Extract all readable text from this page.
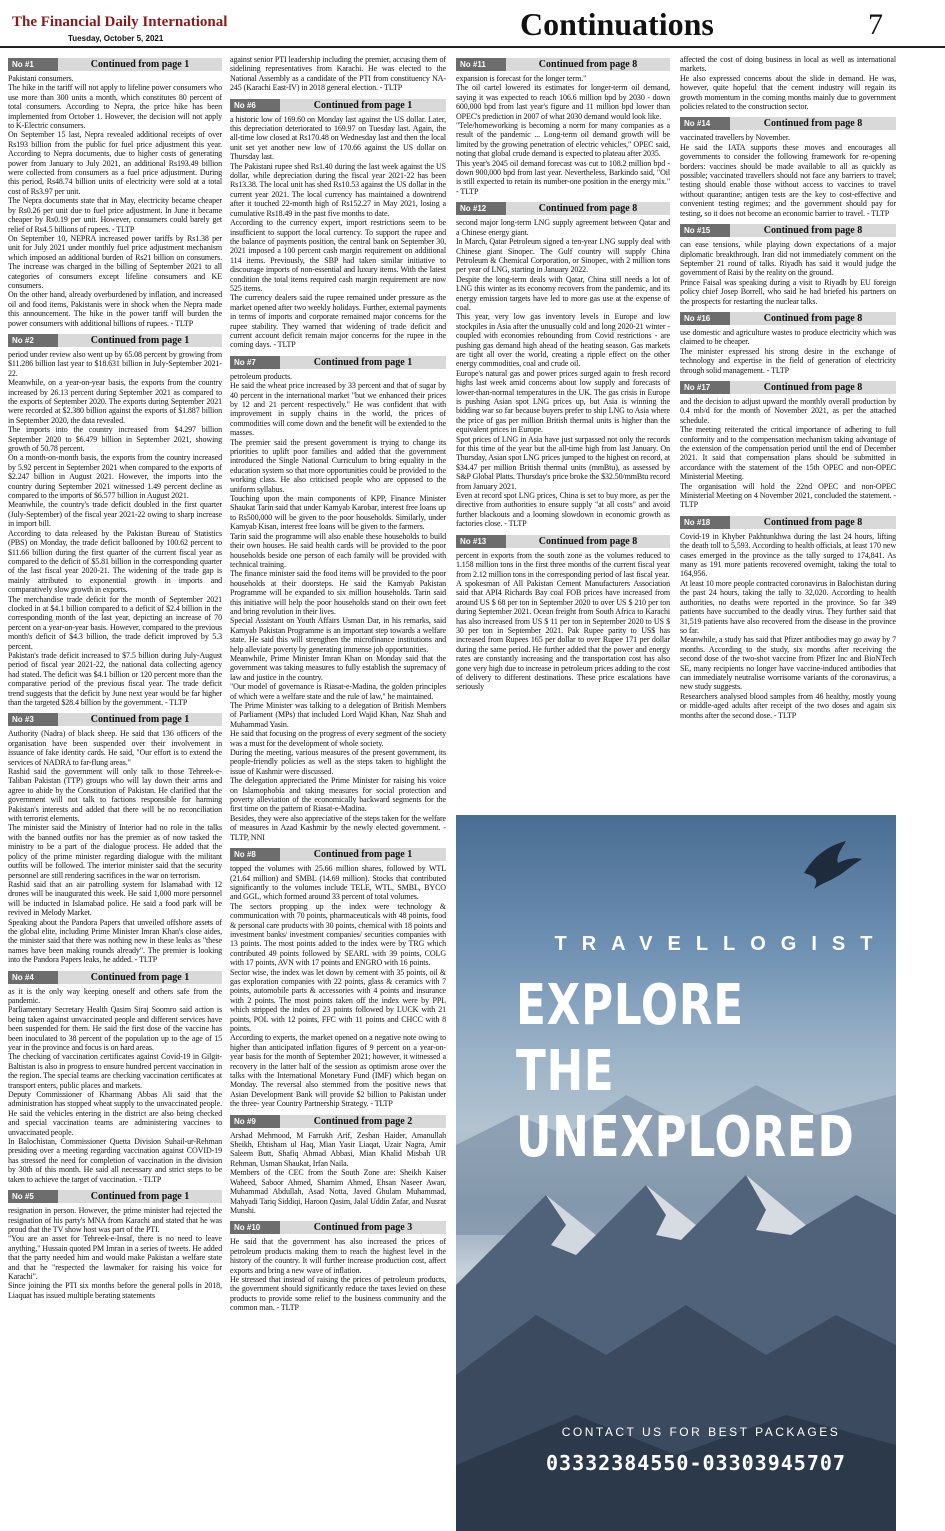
The Financial Daily International
Tuesday, October 5, 2021	Continuations	7
No #1	Continued from page 1
Pakistani consumers.
The hike in the tariff will not apply to lifeline power consumers who use more than 300 units a month, which constitutes 80 percent of total consumers. According to Nepra, the price hike has been implemented from October 1. However, the decision will not apply to K-Electric consumers.
On September 15 last, Nepra revealed additional receipts of over Rs193 billion from the public for fuel price adjustment this year. According to Nepra documents, due to higher costs of generating power from January to July 2021, an additional Rs193.49 billion were collected from consumers as a fuel price adjustment. During this period, Rs48.74 billion units of electricity were sold at a total cost of Rs3.97 per unit.
The Nepra documents state that in May, electricity became cheaper by Rs0.26 per unit due to fuel price adjustment. In June it became cheaper by Rs0.19 per unit. However, consumers could barely get relief of Rs4.5 billions of rupees. - TLTP
On September 10, NEPRA increased power tariffs by Rs1.38 per unit for July 2021 under monthly fuel price adjustment mechanism which imposed an additional burden of Rs21 billion on consumers. The increase was charged in the billing of September 2021 to all categories of consumers except lifeline consumers and KE consumers.
On the other hand, already overburdened by inflation, and increased oil and food items, Pakistanis were in shock when the Nepra made this announcement. The hike in the power tariff will burden the power consumers with additional billions of rupees. - TLTP
No #2	Continued from page 1
period under review also went up by 65.08 percent by growing from $11.286 billion last year to $18.631 billion in July-September 2021-22.
Meanwhile, on a year-on-year basis, the exports from the country increased by 26.13 percent during September 2021 as compared to the exports of September 2020. The exports during September 2021 were recorded at $2.380 billion against the exports of $1.887 billion in September 2020, the data revealed.
The imports into the country increased from $4.297 billion September 2020 to $6.479 billion in September 2021, showing growth of 50.78 percent.
On a month-on-month basis, the exports from the country increased by 5.92 percent in September 2021 when compared to the exports of $2.247 billion in August 2021. However, the imports into the country during September 2021 witnessed 1.49 percent decline as compared to the imports of $6.577 billion in August 2021.
Meanwhile, the country's trade deficit doubled in the first quarter (July-September) of the fiscal year 2021-22 owing to sharp increase in import bill.
According to data released by the Pakistan Bureau of Statistics (PBS) on Monday, the trade deficit ballooned by 100.62 percent to $11.66 billion during the first quarter of the current fiscal year as compared to the deficit of $5.81 billion in the corresponding quarter of the last fiscal year 2020-21. The widening of the trade gap is mainly attributed to exponential growth in imports and comparatively slow growth in exports.
The merchandise trade deficit for the month of September 2021 clocked in at $4.1 billion compared to a deficit of $2.4 billion in the corresponding month of the last year, depicting an increase of 70 percent on a year-on-year basis. However, compared to the previous month's deficit of $4.3 billion, the trade deficit improved by 5.3 percent.
Pakistan's trade deficit increased to $7.5 billion during July-August period of fiscal year 2021-22, the national data collecting agency had stated. The deficit was $4.1 billion or 120 percent more than the comparative period of the previous fiscal year. The trade deficit trend suggests that the deficit by June next year would be far higher than the targeted $28.4 billion by the government. - TLTP
No #3	Continued from page 1
Authority (Nadra) of black sheep. He said that 136 officers of the organisation have been suspended over their involvement in issuance of fake identity cards. He said, "Our effort is to extend the services of NADRA to far-flung areas."
Rashid said the government will only talk to those Tehreek-e-Taliban Pakistan (TTP) groups who will lay down their arms and agree to abide by the Constitution of Pakistan. He clarified that the government will not talk to factions responsible for harming Pakistan's interests and added that there will be no reconciliation with terrorist elements.
The minister said the Ministry of Interior had no role in the talks with the banned outfits nor has the premier as of now tasked the ministry to be a part of the dialogue process. He added that the policy of the prime minister regarding dialogue with the militant outfits will be followed. The interior minister said that the security personnel are still rendering sacrifices in the war on terrorism.
Rashid said that an air patrolling system for Islamabad with 12 drones will be inaugurated this week. He said 1,000 more personnel will be inducted in Islamabad police. He said a food park will be revived in Melody Market.
Speaking about the Pandora Papers that unveiled offshore assets of the global elite, including Prime Minister Imran Khan's close aides, the minister said that there was nothing new in these leaks as "these names have been making rounds already". The premier is looking into the Pandora Papers leaks, he added. - TLTP
No #4	Continued from page 1
as it is the only way keeping oneself and others safe from the pandemic.
Parliamentary Secretary Health Qasim Siraj Soomro said action is being taken against unvaccinated people and different services have been suspended for them. He said the first dose of the vaccine has been inoculated to 38 percent of the population up to the age of 15 year in the province and focus is on hard areas.
The checking of vaccination certificates against Covid-19 in Gilgit-Baltistan is also in progress to ensure hundred percent vaccination in the region. The special teams are checking vaccination certificates at transport enters, public places and markets.
Deputy Commissioner of Kharmang Abbas Ali said that the administration has stopped wheat supply to the unvaccinated people. He said the vehicles entering in the district are also being checked and special vaccination teams are administering vaccines to unvaccinated people.
In Balochistan, Commissioner Quetta Division Suhail-ur-Rehman presiding over a meeting regarding vaccination against COVID-19 has stressed the need for completion of vaccination in the division by 30th of this month. He said all necessary and strict steps to be taken to achieve the target of vaccination. - TLTP
No #5	Continued from page 1
resignation in person. However, the prime minister had rejected the resignation of his party's MNA from Karachi and stated that he was proud that the TV show host was part of the PTI.
"You are an asset for Tehreek-e-Insaf, there is no need to leave anything," Hussain quoted PM Imran in a series of tweets. He added that the party needed him and would make Pakistan a welfare state and that he "respected the lawmaker for raising his voice for Karachi".
Since joining the PTI six months before the general polls in 2018, Liaquat has issued multiple berating statements
against senior PTI leadership including the premier, accusing them of sidelining representatives from Karachi. He was elected to the National Assembly as a candidate of the PTI from constituency NA-245 (Karachi East-IV) in 2018 general election. - TLTP
No #6	Continued from page 1
a historic low of 169.60 on Monday last against the US dollar. Later, this depreciation deteriorated to 169.97 on Tuesday last. Again, the all-time low closed at Rs170.48 on Wednesday last and then the local unit set yet another new low of 170.66 against the US dollar on Thursday last.
The Pakistani rupee shed Rs1.40 during the last week against the US dollar, while depreciation during the fiscal year 2021-22 has been Rs13.38. The local unit has shed Rs10.53 against the US dollar in the current year 2021. The local currency has maintained a downtrend after it touched 22-month high of Rs152.27 in May 2021, losing a cumulative Rs18.49 in the past five months to date.
According to the currency expert, import restrictions seem to be insufficient to support the local currency. To support the rupee and the balance of payments position, the central bank on September 30, 2021 imposed a 100 percent cash margin requirement on additional 114 items. Previously, the SBP had taken similar initiative to discourage imports of non-essential and luxury items. With the latest condition the total items required cash margin requirement are now 525 items.
The currency dealers said the rupee remained under pressure as the market opened after two weekly holidays. Further, external payments in terms of imports and corporate remained major concerns for the rupee stability. They warned that widening of trade deficit and current account deficit remain major concerns for the rupee in the coming days. - TLTP
No #7	Continued from page 1
petroleum products.
He said the wheat price increased by 33 percent and that of sugar by 40 percent in the international market "but we enhanced their prices by 12 and 21 percent respectively." He was confident that with improvement in supply chains in the world, the prices of commodities will come down and the benefit will be extended to the masses.
The premier said the present government is trying to change its priorities to uplift poor families and added that the government introduced the Single National Curriculum to bring equality in the education system so that more opportunities could be provided to the working class. He also criticised people who are opposed to the uniform syllabus.
Touching upon the main components of KPP, Finance Minister Shaukat Tarin said that under Kamyab Karobar, interest free loans up to Rs500,000 will be given to the poor households. Similarly, under Kamyab Kisan, interest free loans will be given to the farmers.
Tarin said the programme will also enable these households to build their own houses. He said health cards will be provided to the poor households beside one person of each family will be provided with technical training.
The finance minister said the food items will be provided to the poor households at their doorsteps. He said the Kamyab Pakistan Programme will be expanded to six million households. Tarin said this initiative will help the poor households stand on their own feet and bring revolution in their lives.
Special Assistant on Youth Affairs Usman Dar, in his remarks, said Kamyab Pakistan Programme is an important step towards a welfare state. He said this will strengthen the microfinance institutions and help alleviate poverty by generating immense job opportunities.
Meanwhile, Prime Minister Imran Khan on Monday said that the government was taking measures to fully establish the supremacy of law and justice in the country.
"Our model of governance is Riasat-e-Madina, the golden principles of which were a welfare state and the rule of law," he maintained.
The Prime Minister was talking to a delegation of British Members of Parliament (MPs) that included Lord Wajid Khan, Naz Shah and Muhammad Yasin.
He said that focusing on the progress of every segment of the society was a must for the development of whole society.
During the meeting, various measures of the present government, its people-friendly policies as well as the steps taken to highlight the issue of Kashmir were discussed.
The delegation appreciated the Prime Minister for raising his voice on Islamophobia and taking measures for social protection and poverty alleviation of the economically backward segments for the first time on the pattern of Riasat-e-Madina.
Besides, they were also appreciative of the steps taken for the welfare of measures in Azad Kashmir by the newly elected government. - TLTP, NNI
No #8	Continued from page 1
topped the volumes with 25.66 million shares, followed by WTL (21.64 million) and SMBL (14.69 million). Stocks that contributed significantly to the volumes include TELE, WTL, SMBL, BYCO and GGL, which formed around 33 percent of total volumes.
The sectors propping up the index were technology & communication with 70 points, pharmaceuticals with 48 points, food & personal care products with 30 points, chemical with 18 points and investment banks/ investment companies/ securities companies with 13 points. The most points added to the index were by TRG which contributed 49 points followed by SEARL with 39 points, COLG with 17 points, AVN with 17 points and ENGRO with 16 points.
Sector wise, the index was let down by cement with 35 points, oil & gas exploration companies with 22 points, glass & ceramics with 7 points, automobile parts & accessories with 4 points and insurance with 2 points. The most points taken off the index were by PPL which stripped the index of 23 points followed by LUCK with 21 points, POL with 12 points, FFC with 11 points and CHCC with 8 points.
According to experts, the market opened on a negative note owing to higher than anticipated inflation figures of 9 percent on a year-on-year basis for the month of September 2021; however, it witnessed a recovery in the latter half of the session as optimism arose over the talks with the International Monetary Fund (IMF) which began on Monday. The reversal also stemmed from the positive news that Asian Development Bank will provide $2 billion to Pakistan under the three- year Country Partnership Strategy. - TLTP
No #9	Continued from page 2
Arshad Mehmood, M Farrukh Arif, Zeshan Haider, Amanullah Sheikh, Ehtisham ul Haq, Mian Yasir Liaqat, Uzair Nagra, Amir Saleem Butt, Shafiq Ahmad Abbasi, Mian Khalid Misbah UR Rehman, Usman Shaukat, Irfan Naila.
Members of the CEC from the South Zone are: Sheikh Kaiser Waheed, Saboor Ahmed, Shamim Ahmed, Ehsan Naseer Awan, Muhammad Abdullah, Asad Notta, Javed Ghulam Muhammad, Mahyadi Tariq Siddiqi, Haroon Qasim, Jalal Uddin Zafar, and Nusrat Munshi.
No #10	Continued from page 3
He said that the government has also increased the prices of petroleum products making them to reach the highest level in the history of the country. It will further increase production cost, affect exports and bring a new wave of inflation.
He stressed that instead of raising the prices of petroleum products, the government should significantly reduce the taxes levied on these products to provide some relief to the business community and the common man. - TLTP
No #11	Continued from page 8
expansion is forecast for the longer term."
The oil cartel lowered its estimates for longer-term oil demand, saying it was expected to reach 106.6 million bpd by 2030 - down 600,000 bpd from last year's figure and 11 million bpd lower than OPEC's prediction in 2007 of what 2030 demand would look like.
"Tele/homeworking is becoming a norm for many companies as a result of the pandemic ... Long-term oil demand growth will be limited by the growing penetration of electric vehicles," OPEC said, noting that global crude demand is expected to plateau after 2035.
This year's 2045 oil demand forecast was cut to 108.2 million bpd - down 900,000 bpd from last year. Nevertheless, Barkindo said, "Oil is still expected to retain its number-one position in the energy mix." - TLTP
No #12	Continued from page 8
second major long-term LNG supply agreement between Qatar and a Chinese energy giant.
In March, Qatar Petroleum signed a ten-year LNG supply deal with Chinese giant Sinopec. The Gulf country will supply China Petroleum & Chemical Corporation, or Sinopec, with 2 million tons per year of LNG, starting in January 2022.
Despite the long-term deals with Qatar, China still needs a lot of LNG this winter as its economy recovers from the pandemic, and its energy emission targets have led to more gas use at the expense of coal.
This year, very low gas inventory levels in Europe and low stockpiles in Asia after the unusually cold and long 2020-21 winter - coupled with economies rebounding from Covid restrictions - are pushing gas demand high ahead of the heating season. Gas markets are tight all over the world, creating a ripple effect on the other energy commodities, coal and crude oil.
Europe's natural gas and power prices surged again to fresh record highs last week amid concerns about low supply and forecasts of lower-than-normal temperatures in the UK. The gas crisis in Europe is pushing Asian spot LNG prices up, but Asia is winning the bidding war so far because buyers prefer to ship LNG to Asia where the price of gas per million British thermal units is higher than the equivalent prices in Europe.
Spot prices of LNG in Asia have just surpassed not only the records for this time of the year but the all-time high from last January. On Thursday, Asian spot LNG prices jumped to the highest on record, at $34.47 per million British thermal units (mmBtu), as assessed by S&P Global Platts. Thursday's price broke the $32.50/mmBtu record from January 2021.
Even at record spot LNG prices, China is set to buy more, as per the directive from authorities to ensure supply "at all costs" and avoid further blackouts and a looming slowdown in economic growth as factories close. - TLTP
No #13	Continued from page 8
percent in exports from the south zone as the volumes reduced to 1.158 million tons in the first three months of the current fiscal year from 2.12 million tons in the corresponding period of last fiscal year.
A spokesman of All Pakistan Cement Manufacturers Association said that API4 Richards Bay coal FOB prices have increased from around US $ 68 per ton in September 2020 to over US $ 210 per ton during September 2021. Ocean freight from South Africa to Karachi has also increased from US $ 11 per ton in September 2020 to US $ 30 per ton in September 2021. Pak Rupee parity to US$ has increased from Rupees 165 per dollar to over Rupee 171 per dollar during the same period. He further added that the power and energy rates are constantly increasing and the transportation cost has also gone very high due to increase in petroleum prices adding to the cost of delivery to different destinations. These price escalations have seriously
affected the cost of doing business in local as well as international markets.
He also expressed concerns about the slide in demand. He was, however, quite hopeful that the cement industry will regain its growth momentum in the coming months mainly due to government policies related to the construction sector.
No #14	Continued from page 8
vaccinated travellers by November.
He said the IATA supports these moves and encourages all governments to consider the following framework for re-opening borders: vaccines should be made available to all as quickly as possible; vaccinated travellers should not face any barriers to travel; testing should enable those without access to vaccines to travel without quarantine; antigen tests are the key to cost-effective and convenient testing regimes; and the government should pay for testing, so it does not become an economic barrier to travel. - TLTP
No #15	Continued from page 8
can ease tensions, while playing down expectations of a major diplomatic breakthrough. Iran did not immediately comment on the September 21 round of talks. Riyadh has said it would judge the government of Raisi by the reality on the ground.
Prince Faisal was speaking during a visit to Riyadh by EU foreign policy chief Josep Borrell, who said he had briefed his partners on the prospects for restarting the nuclear talks.
No #16	Continued from page 8
use domestic and agriculture wastes to produce electricity which was claimed to be cheaper.
The minister expressed his strong desire in the exchange of technology and expertise in the field of generation of electricity through solid management. - TLTP
No #17	Continued from page 8
and the decision to adjust upward the monthly overall production by 0.4 mb/d for the month of November 2021, as per the attached schedule.
The meeting reiterated the critical importance of adhering to full conformity and to the compensation mechanism taking advantage of the extension of the compensation period until the end of December 2021. It said that compensation plans should be submitted in accordance with the statement of the 15th OPEC and non-OPEC Ministerial Meeting.
The organisation will hold the 22nd OPEC and non-OPEC Ministerial Meeting on 4 November 2021, concluded the statement. - TLTP
No #18	Continued from page 8
Covid-19 in Khyber Pakhtunkhwa during the last 24 hours, lifting the death toll to 5,593. According to health officials, at least 170 new cases emerged in the province as the tally surged to 174,841. As many as 191 more patients recovered overnight, taking the total to 164,956.
At least 10 more people contracted coronavirus in Balochistan during the past 24 hours, taking the tally to 32,020. According to health authorities, no deaths were reported in the province. So far 349 patients have succumbed to the deadly virus. They further said that 31,519 patients have also recovered from the disease in the province so far.
Meanwhile, a study has said that Pfizer antibodies may go away by 7 months. According to the study, six months after receiving the second dose of the two-shot vaccine from Pfizer Inc and BioNTech SE, many recipients no longer have vaccine-induced antibodies that can immediately neutralise worrisome variants of the coronavirus, a new study suggests.
Researchers analysed blood samples from 46 healthy, mostly young or middle-aged adults after receipt of the two doses and again six months after the second dose. - TLTP
TRAVELLOGIST
EXPLORE THE
UNEXPLORED
CONTACT US FOR BEST PACKAGES
03332384550-03303945707
